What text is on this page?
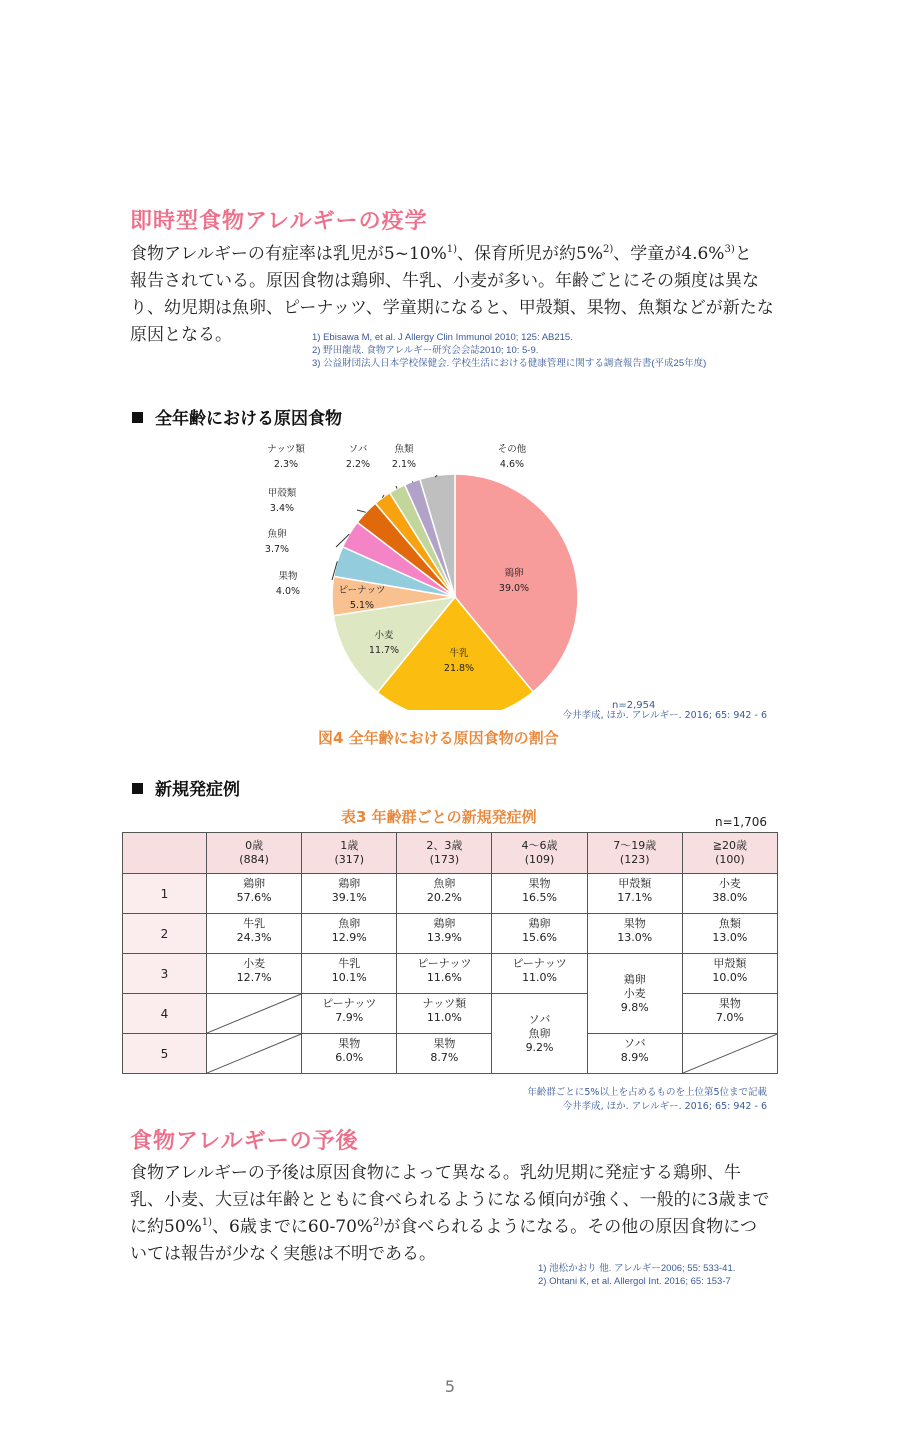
即時型食物アレルギーの疫学
食物アレルギーの有症率は乳児が5~10%$^{1)}$、保育所児が約5%$^{2)}$、学童が4.6%$^{3)}$と
報告されている。原因食物は鶏卵、牛乳、小麦が多い。年齢ごとにその頻度は異な
り、幼児期は魚卵、ピーナッツ、学童期になると、甲殻類、果物、魚類などが新たな
原因となる。	1) Ebisawa M, et al. J Allergy Clin Immunol 2010; 125: AB215.
2) 野田龍哉. 食物アレルギー研究会会誌2010; 10: 5-9.
3) 公益財団法人日本学校保健会. 学校生活における健康管理に関する調査報告書(平成25年度)
全年齢における原因食物
鶏卵
39.0%
牛乳
21.8%
小麦
11.7%
ピーナッツ
5.1%
果物
4.0%
魚卵
3.7%
甲殻類
3.4%
ナッツ類
2.3%
ソバ
2.2%
魚類
2.1%
その他
4.6%
n=2,954
今井孝成, ほか. アレルギー. 2016; 65: 942 - 6
図4 全年齢における原因食物の割合
新規発症例
表3 年齢群ごとの新規発症例	n=1,706

	0歳
(884)	1歳
(317)	2、3歳
(173)	4〜6歳
(109)	7〜19歳
(123)	≧20歳
(100)

1	鶏卵
57.6%	鶏卵
39.1%	魚卵
20.2%	果物
16.5%	甲殻類
17.1%	小麦
38.0%

2	牛乳
24.3%	魚卵
12.9%	鶏卵
13.9%	鶏卵
15.6%	果物
13.0%	魚類
13.0%

3	小麦
12.7%	牛乳
10.1%	ピーナッツ
11.6%	ピーナッツ
11.0%	鶏卵
小麦
9.8%	甲殻類
10.0%

4		ピーナッツ
7.9%	ナッツ類
11.0%	ソバ
魚卵
9.2%		果物
7.0%

5		果物
6.0%	果物
8.7%		ソバ
8.9%

年齢群ごとに5%以上を占めるものを上位第5位まで記載
今井孝成, ほか. アレルギー. 2016; 65: 942 - 6
食物アレルギーの予後
食物アレルギーの予後は原因食物によって異なる。乳幼児期に発症する鶏卵、牛
乳、小麦、大豆は年齢とともに食べられるようになる傾向が強く、一般的に3歳まで
に約50%$^{1)}$、6歳までに60-70%$^{2)}$が食べられるようになる。その他の原因食物につ
いては報告が少なく実態は不明である。
1) 池松かおり 他. アレルギー2006; 55: 533-41.
2) Ohtani K, et al. Allergol Int. 2016; 65: 153-7
5
